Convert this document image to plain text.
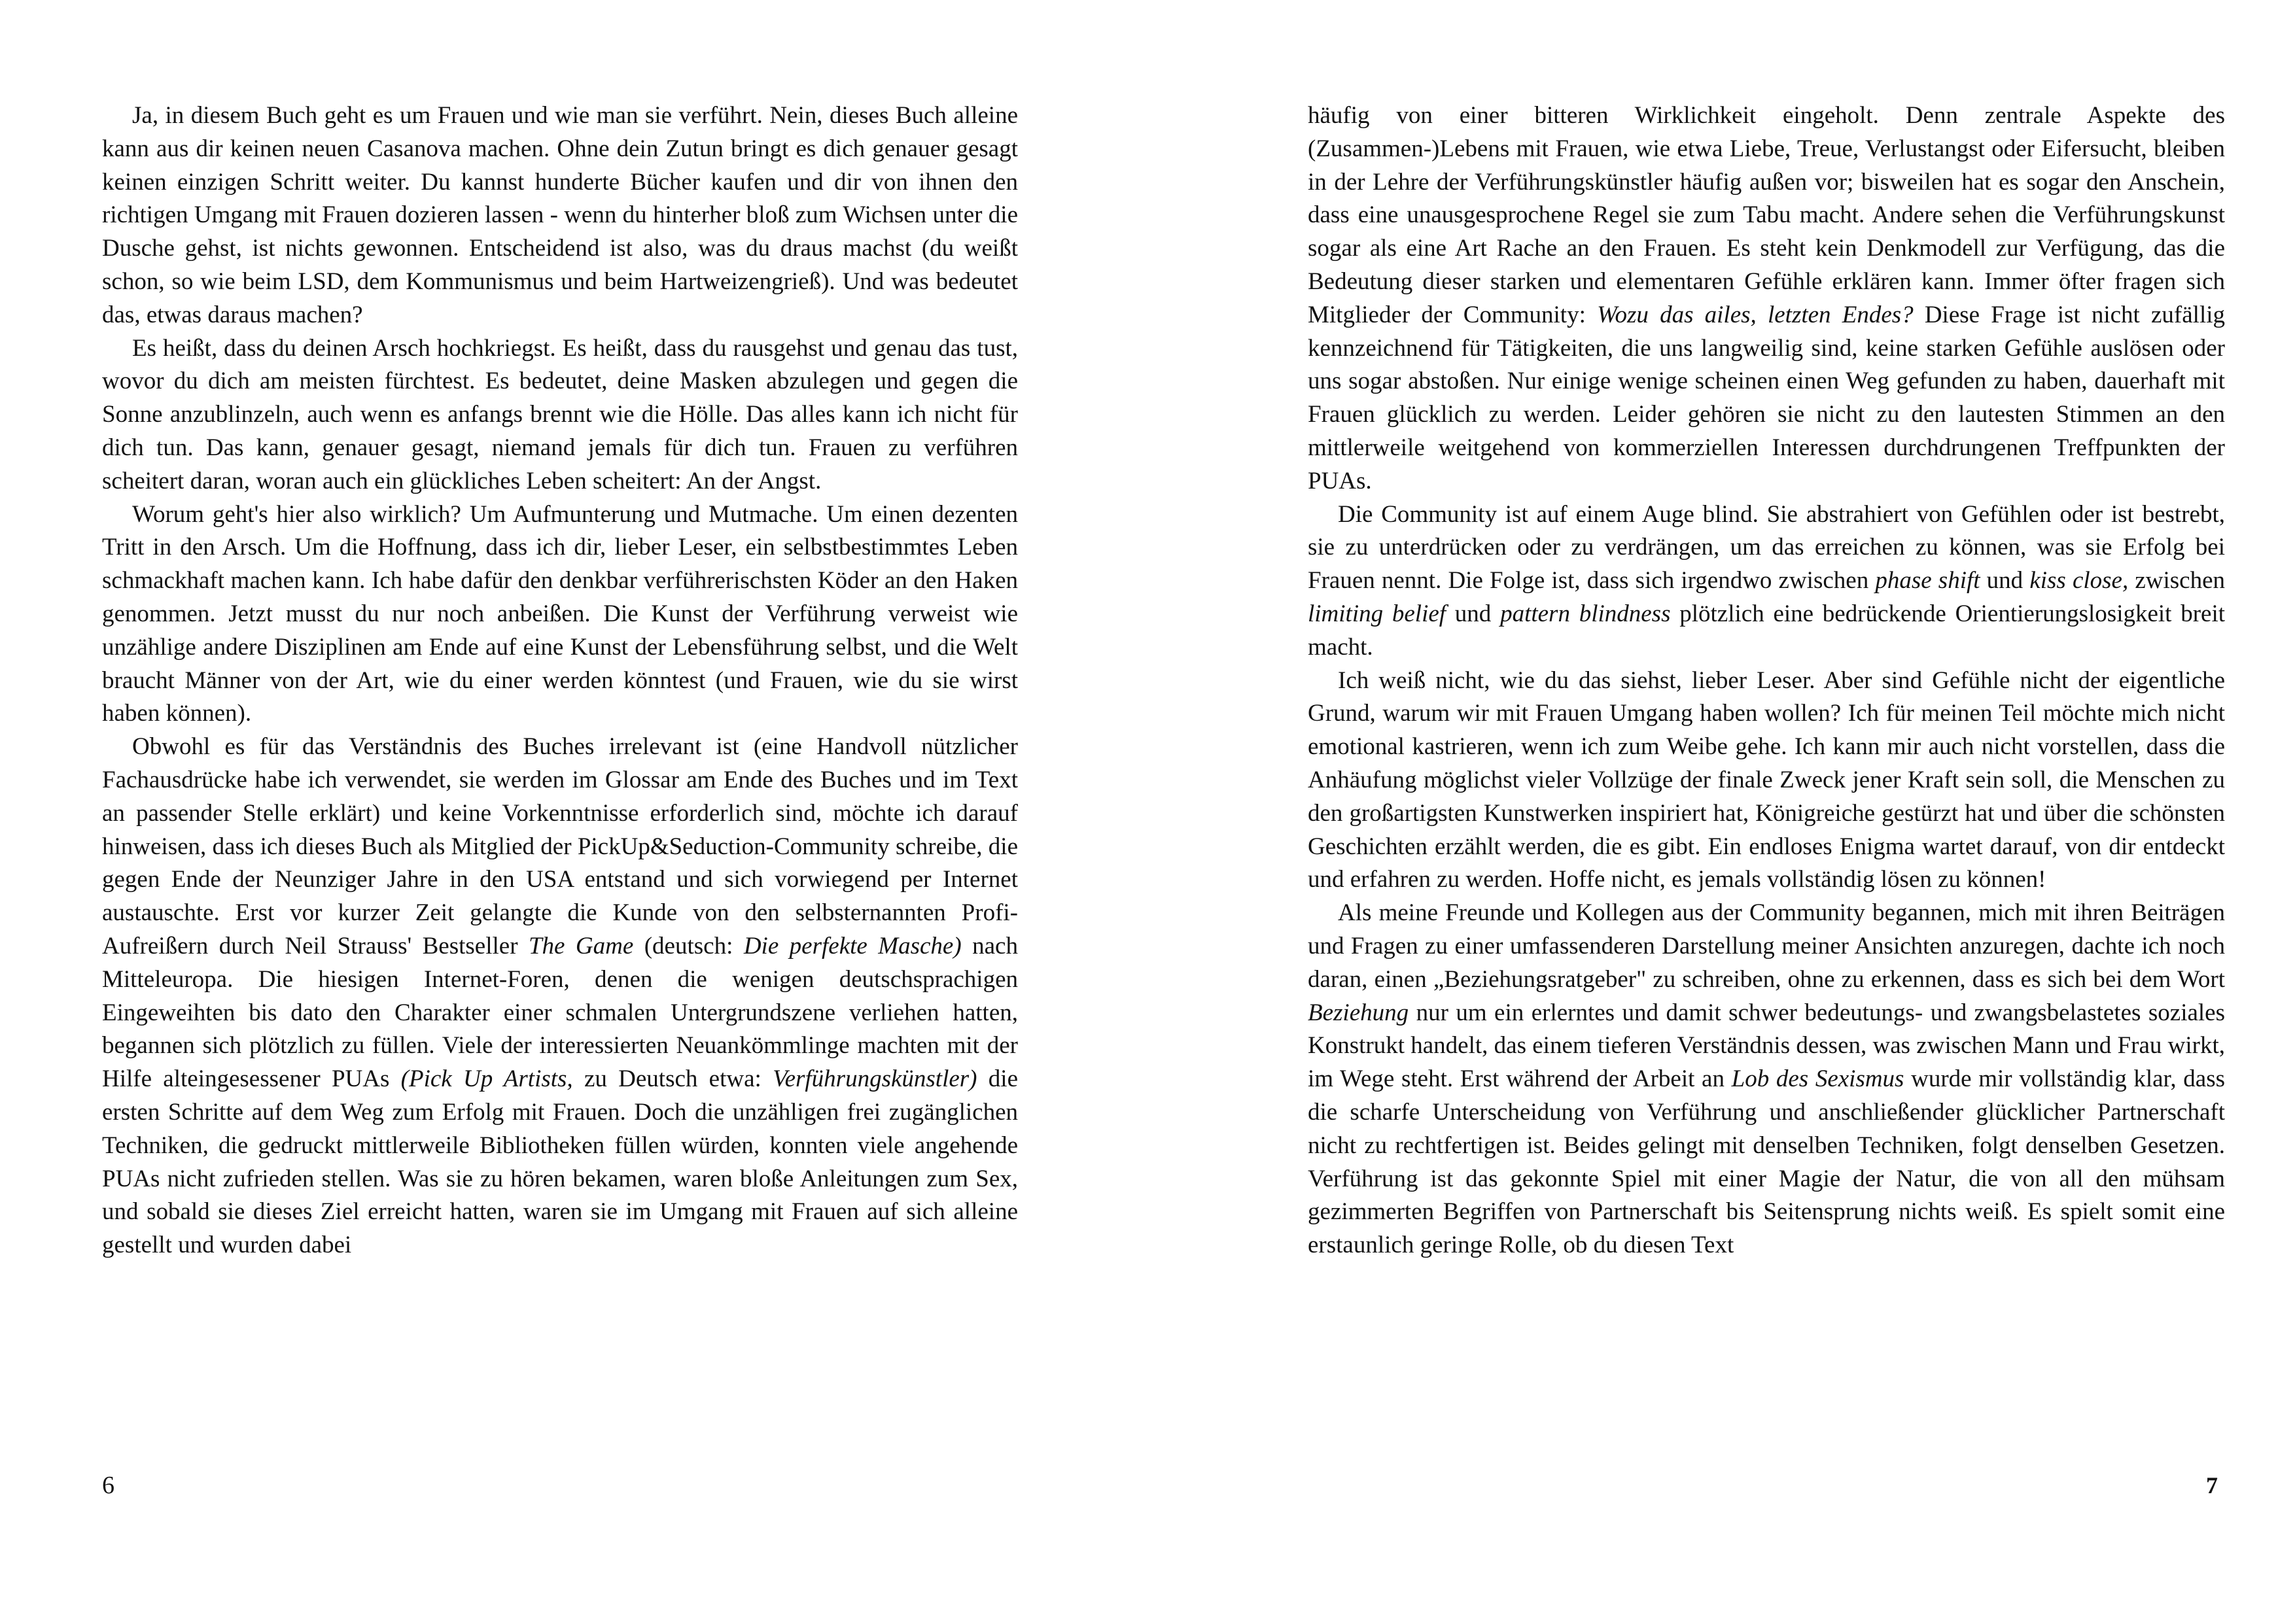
Ja, in diesem Buch geht es um Frauen und wie man sie verführt. Nein, dieses Buch alleine kann aus dir keinen neuen Casanova machen. Ohne dein Zutun bringt es dich genauer gesagt keinen einzigen Schritt weiter. Du kannst hunderte Bücher kaufen und dir von ihnen den richtigen Umgang mit Frauen dozieren lassen - wenn du hinterher bloß zum Wichsen unter die Dusche gehst, ist nichts gewonnen. Entscheidend ist also, was du draus machst (du weißt schon, so wie beim LSD, dem Kommunismus und beim Hartweizengrieß). Und was bedeutet das, etwas daraus machen?

Es heißt, dass du deinen Arsch hochkriegst. Es heißt, dass du rausgehst und genau das tust, wovor du dich am meisten fürchtest. Es bedeutet, deine Masken abzulegen und gegen die Sonne anzublinzeln, auch wenn es anfangs brennt wie die Hölle. Das alles kann ich nicht für dich tun. Das kann, genauer gesagt, niemand jemals für dich tun. Frauen zu verführen scheitert daran, woran auch ein glückliches Leben scheitert: An der Angst.

Worum geht's hier also wirklich? Um Aufmunterung und Mutmache. Um einen dezenten Tritt in den Arsch. Um die Hoffnung, dass ich dir, lieber Leser, ein selbstbestimmtes Leben schmackhaft machen kann. Ich habe dafür den denkbar verführerischsten Köder an den Haken genommen. Jetzt musst du nur noch anbeißen. Die Kunst der Verführung verweist wie unzählige andere Disziplinen am Ende auf eine Kunst der Lebensführung selbst, und die Welt braucht Männer von der Art, wie du einer werden könntest (und Frauen, wie du sie wirst haben können).

Obwohl es für das Verständnis des Buches irrelevant ist (eine Handvoll nützlicher Fachausdrücke habe ich verwendet, sie werden im Glossar am Ende des Buches und im Text an passender Stelle erklärt) und keine Vorkenntnisse erforderlich sind, möchte ich darauf hinweisen, dass ich dieses Buch als Mitglied der PickUp&Seduction-Community schreibe, die gegen Ende der Neunziger Jahre in den USA entstand und sich vorwiegend per Internet austauschte. Erst vor kurzer Zeit gelangte die Kunde von den selbsternannten Profi-Aufreißern durch Neil Strauss' Bestseller The Game (deutsch: Die perfekte Masche) nach Mitteleuropa. Die hiesigen Internet-Foren, denen die wenigen deutschsprachigen Eingeweihten bis dato den Charakter einer schmalen Untergrundszene verliehen hatten, begannen sich plötzlich zu füllen. Viele der interessierten Neuankömmlinge machten mit der Hilfe alteingesessener PUAs (Pick Up Artists, zu Deutsch etwa: Verführungskünstler) die ersten Schritte auf dem Weg zum Erfolg mit Frauen. Doch die unzähligen frei zugänglichen Techniken, die gedruckt mittlerweile Bibliotheken füllen würden, konnten viele angehende PUAs nicht zufrieden stellen. Was sie zu hören bekamen, waren bloße Anleitungen zum Sex, und sobald sie dieses Ziel erreicht hatten, waren sie im Umgang mit Frauen auf sich alleine gestellt und wurden dabei

6

häufig von einer bitteren Wirklichkeit eingeholt. Denn zentrale Aspekte des (Zusammen-)Lebens mit Frauen, wie etwa Liebe, Treue, Verlustangst oder Eifersucht, bleiben in der Lehre der Verführungskünstler häufig außen vor; bisweilen hat es sogar den Anschein, dass eine unausgesprochene Regel sie zum Tabu macht. Andere sehen die Verführungskunst sogar als eine Art Rache an den Frauen. Es steht kein Denkmodell zur Verfügung, das die Bedeutung dieser starken und elementaren Gefühle erklären kann. Immer öfter fragen sich Mitglieder der Community: Wozu das ailes, letzten Endes? Diese Frage ist nicht zufällig kennzeichnend für Tätigkeiten, die uns langweilig sind, keine starken Gefühle auslösen oder uns sogar abstoßen. Nur einige wenige scheinen einen Weg gefunden zu haben, dauerhaft mit Frauen glücklich zu werden. Leider gehören sie nicht zu den lautesten Stimmen an den mittlerweile weitgehend von kommerziellen Interessen durchdrungenen Treffpunkten der PUAs.

Die Community ist auf einem Auge blind. Sie abstrahiert von Gefühlen oder ist bestrebt, sie zu unterdrücken oder zu verdrängen, um das erreichen zu können, was sie Erfolg bei Frauen nennt. Die Folge ist, dass sich irgendwo zwischen phase shift und kiss close, zwischen limiting belief und pattern blindness plötzlich eine bedrückende Orientierungslosigkeit breit macht.

Ich weiß nicht, wie du das siehst, lieber Leser. Aber sind Gefühle nicht der eigentliche Grund, warum wir mit Frauen Umgang haben wollen? Ich für meinen Teil möchte mich nicht emotional kastrieren, wenn ich zum Weibe gehe. Ich kann mir auch nicht vorstellen, dass die Anhäufung möglichst vieler Vollzüge der finale Zweck jener Kraft sein soll, die Menschen zu den großartigsten Kunstwerken inspiriert hat, Königreiche gestürzt hat und über die schönsten Geschichten erzählt werden, die es gibt. Ein endloses Enigma wartet darauf, von dir entdeckt und erfahren zu werden. Hoffe nicht, es jemals vollständig lösen zu können!

Als meine Freunde und Kollegen aus der Community begannen, mich mit ihren Beiträgen und Fragen zu einer umfassenderen Darstellung meiner Ansichten anzuregen, dachte ich noch daran, einen „Beziehungsratgeber" zu schreiben, ohne zu erkennen, dass es sich bei dem Wort Beziehung nur um ein erlerntes und damit schwer bedeutungs- und zwangsbelastetes soziales Konstrukt handelt, das einem tieferen Verständnis dessen, was zwischen Mann und Frau wirkt, im Wege steht. Erst während der Arbeit an Lob des Sexismus wurde mir vollständig klar, dass die scharfe Unterscheidung von Verführung und anschließender glücklicher Partnerschaft nicht zu rechtfertigen ist. Beides gelingt mit denselben Techniken, folgt denselben Gesetzen. Verführung ist das gekonnte Spiel mit einer Magie der Natur, die von all den mühsam gezimmerten Begriffen von Partnerschaft bis Seitensprung nichts weiß. Es spielt somit eine erstaunlich geringe Rolle, ob du diesen Text

7
